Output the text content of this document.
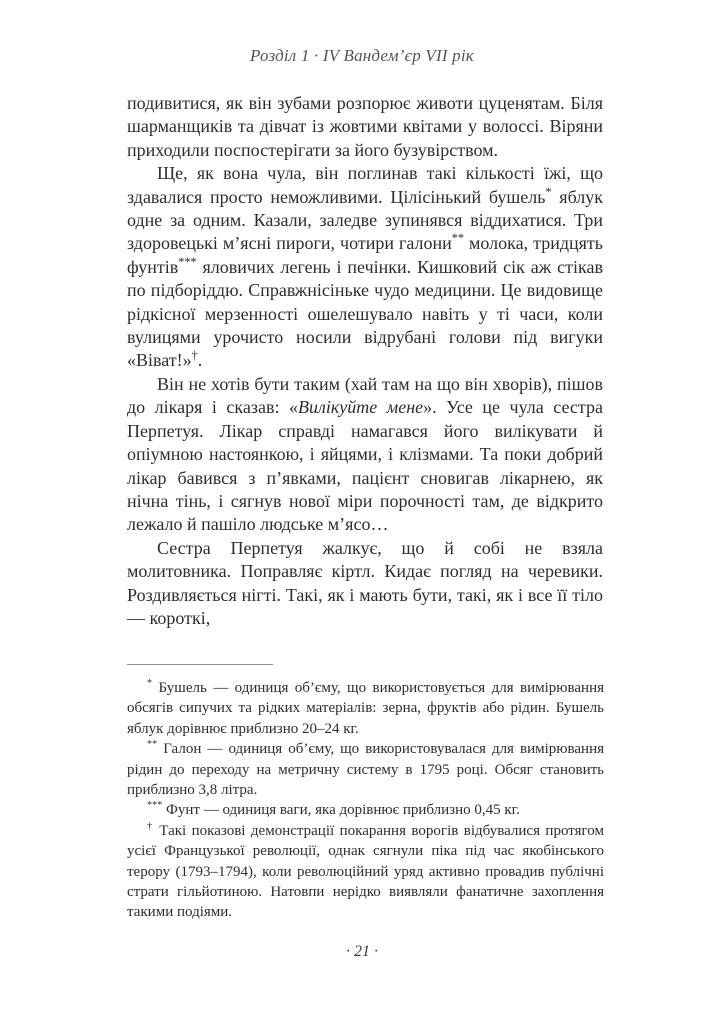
Розділ 1 · IV Вандем’єр VII рік

подивитися, як він зубами розпорює животи цуценятам. Біля шарманщиків та дівчат із жовтими квітами у волоссі. Віряни приходили поспостерігати за його бузувірством.

Ще, як вона чула, він поглинав такі кількості їжі, що здавалися просто неможливими. Цілісінький бушель* яблук одне за одним. Казали, заледве зупинявся віддихатися. Три здоровецькі м’ясні пироги, чотири галони** молока, тридцять фунтів*** яловичих легень і печінки. Кишковий сік аж стікав по підборіддю. Справжнісіньке чудо медицини. Це видовище рідкісної мерзенності ошелешувало навіть у ті часи, коли вулицями урочисто носили відрубані голови під вигуки «Віват!»†.

Він не хотів бути таким (хай там на що він хворів), пішов до лікаря і сказав: «Вилікуйте мене». Усе це чула сестра Перпетуя. Лікар справді намагався його вилікувати й опіумною настоянкою, і яйцями, і клізмами. Та поки добрий лікар бавився з п’явками, пацієнт сновигав лікарнею, як нічна тінь, і сягнув нової міри порочності там, де відкрито лежало й пашіло людське м’ясо…

Сестра Перпетуя жалкує, що й собі не взяла молитовника. Поправляє кіртл. Кидає погляд на черевики. Роздивляється нігті. Такі, як і мають бути, такі, як і все її тіло — короткі,

* Бушель — одиниця об’єму, що використовується для вимірювання обсягів сипучих та рідких матеріалів: зерна, фруктів або рідин. Бушель яблук дорівнює приблизно 20–24 кг.

** Галон — одиниця об’єму, що використовувалася для вимірювання рідин до переходу на метричну систему в 1795 році. Обсяг становить приблизно 3,8 літра.

*** Фунт — одиниця ваги, яка дорівнює приблизно 0,45 кг.

† Такі показові демонстрації покарання ворогів відбувалися протягом усієї Французької революції, однак сягнули піка під час якобінського терору (1793–1794), коли революційний уряд активно провадив публічні страти гільйотиною. Натовпи нерідко виявляли фанатичне захоплення такими подіями.

· 21 ·
